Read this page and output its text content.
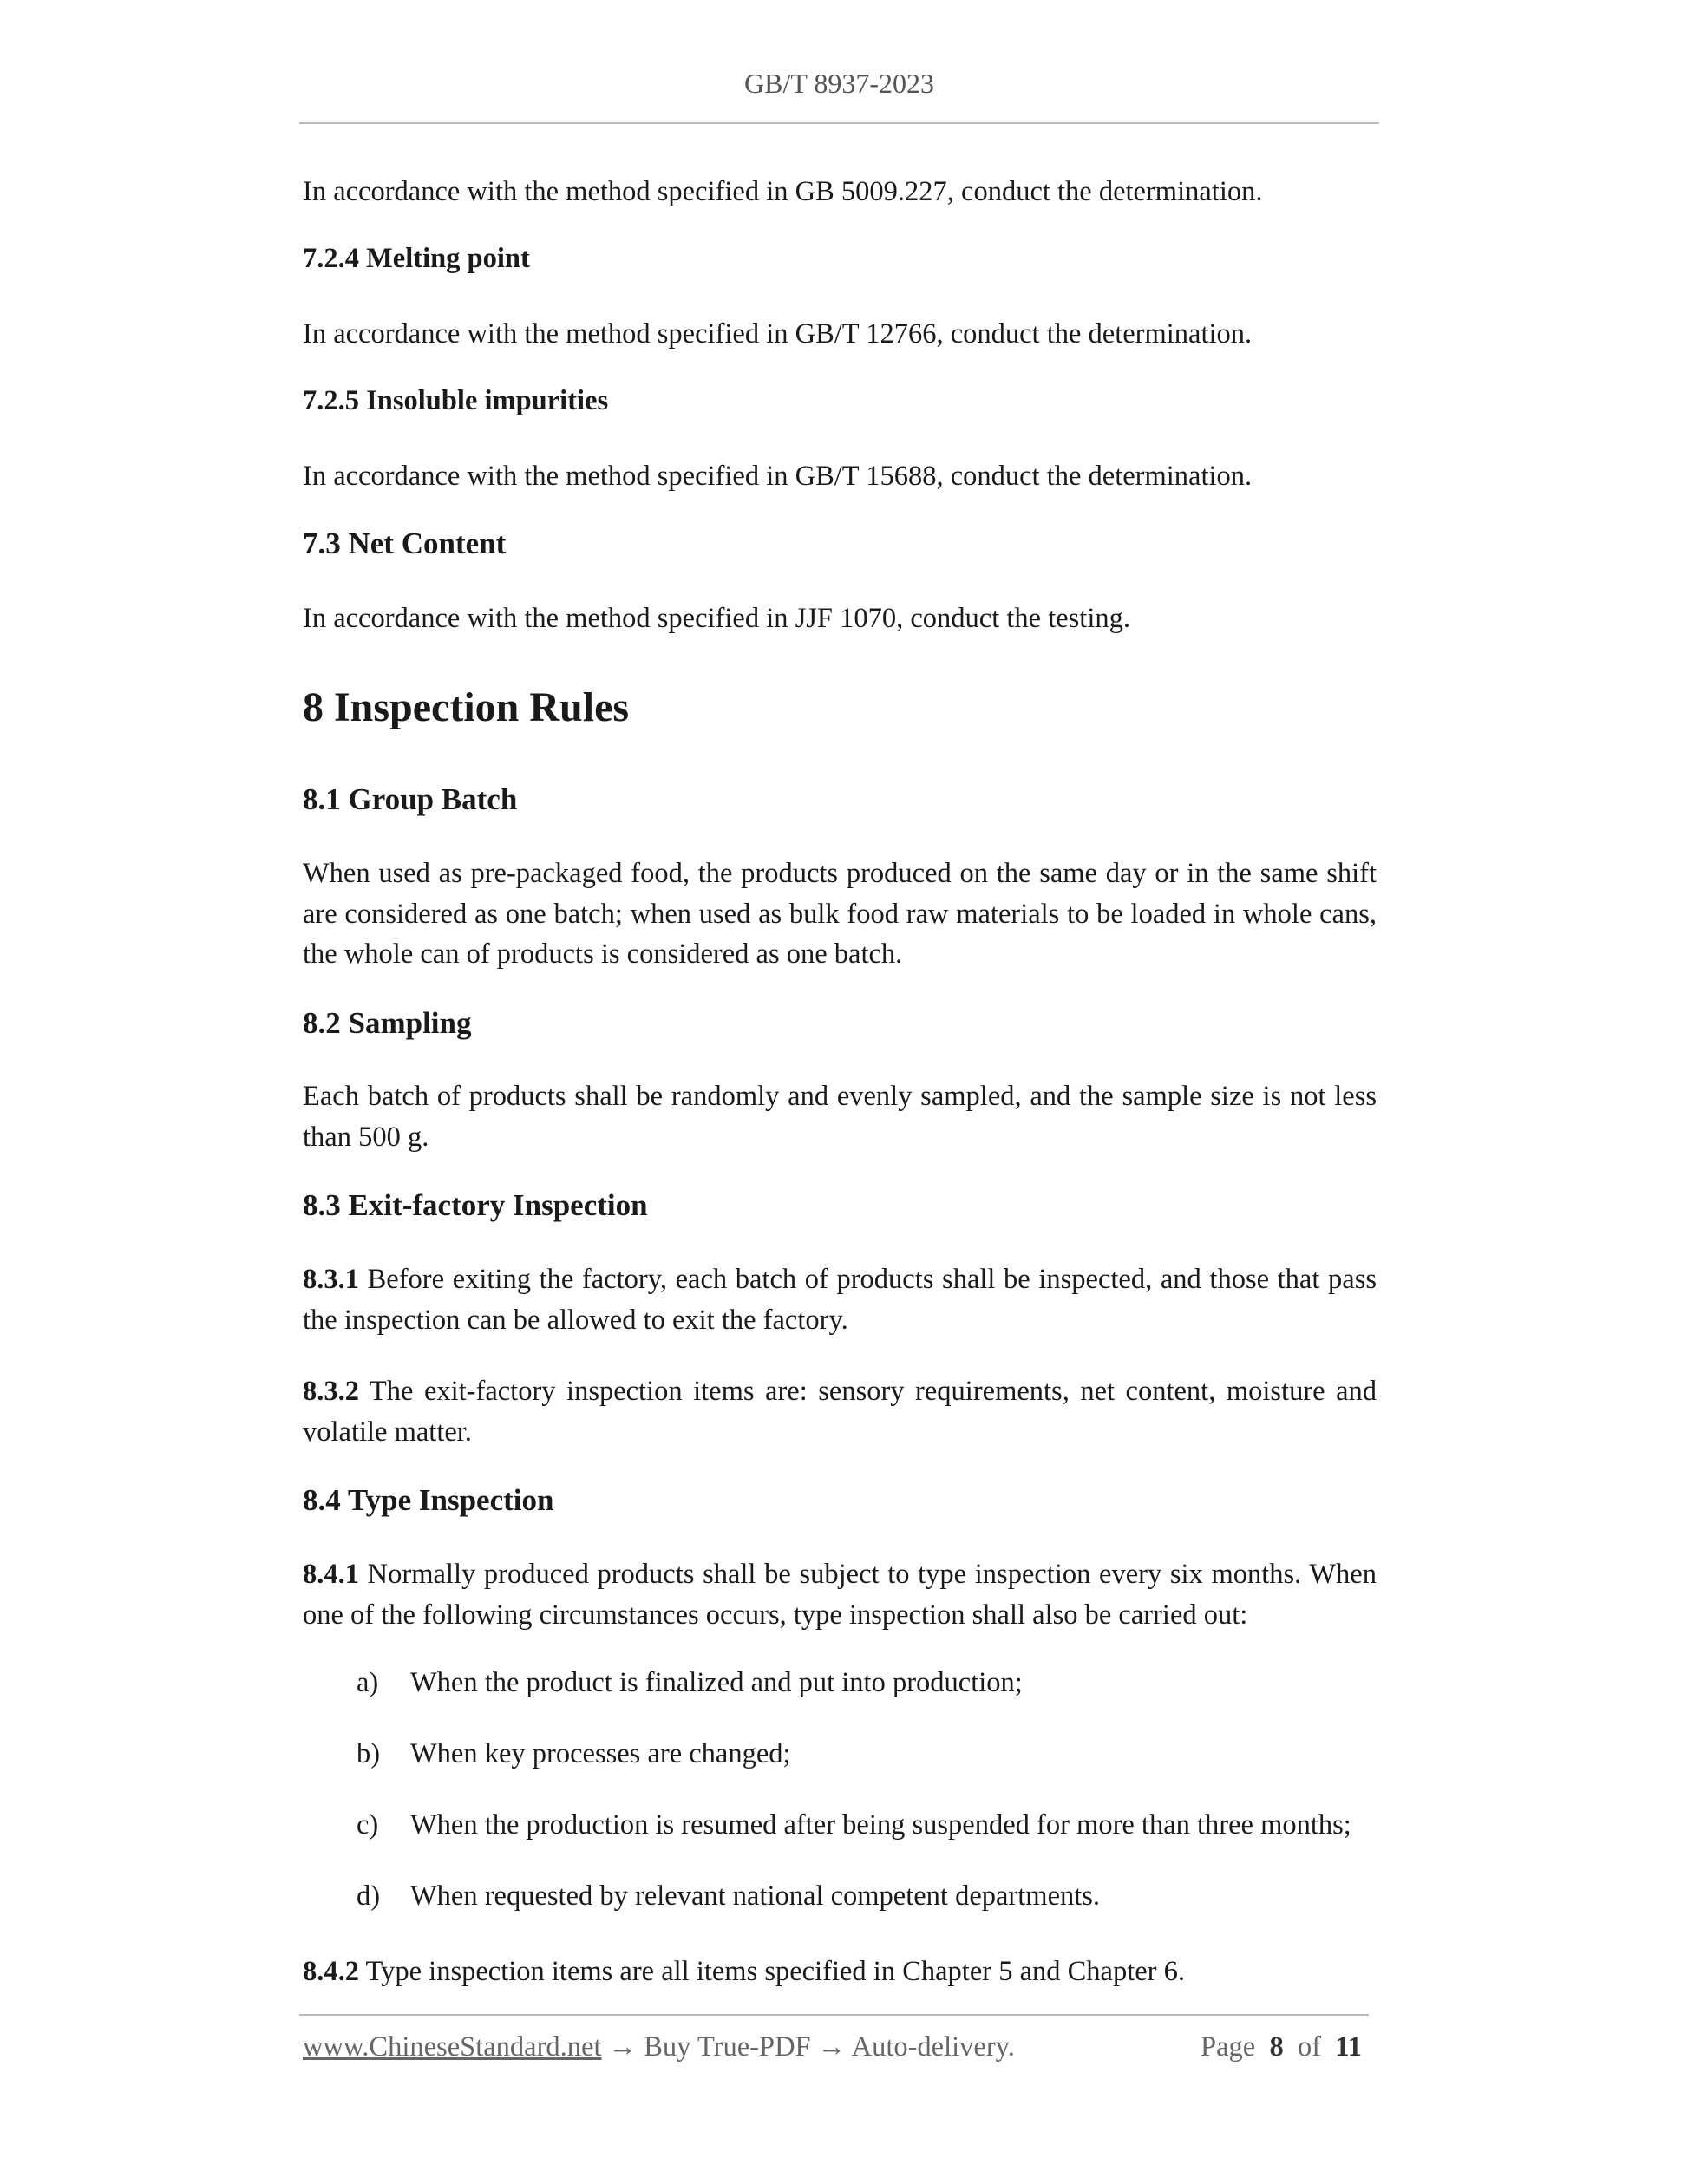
GB/T 8937-2023
In accordance with the method specified in GB 5009.227, conduct the determination.
7.2.4 Melting point
In accordance with the method specified in GB/T 12766, conduct the determination.
7.2.5 Insoluble impurities
In accordance with the method specified in GB/T 15688, conduct the determination.
7.3 Net Content
In accordance with the method specified in JJF 1070, conduct the testing.
8 Inspection Rules
8.1 Group Batch
When used as pre-packaged food, the products produced on the same day or in the same shift are considered as one batch; when used as bulk food raw materials to be loaded in whole cans, the whole can of products is considered as one batch.
8.2 Sampling
Each batch of products shall be randomly and evenly sampled, and the sample size is not less than 500 g.
8.3 Exit-factory Inspection
8.3.1 Before exiting the factory, each batch of products shall be inspected, and those that pass the inspection can be allowed to exit the factory.
8.3.2 The exit-factory inspection items are: sensory requirements, net content, moisture and volatile matter.
8.4 Type Inspection
8.4.1 Normally produced products shall be subject to type inspection every six months. When one of the following circumstances occurs, type inspection shall also be carried out:
a) When the product is finalized and put into production;
b) When key processes are changed;
c) When the production is resumed after being suspended for more than three months;
d) When requested by relevant national competent departments.
8.4.2 Type inspection items are all items specified in Chapter 5 and Chapter 6.
www.ChineseStandard.net → Buy True-PDF → Auto-delivery.	Page 8 of 11
